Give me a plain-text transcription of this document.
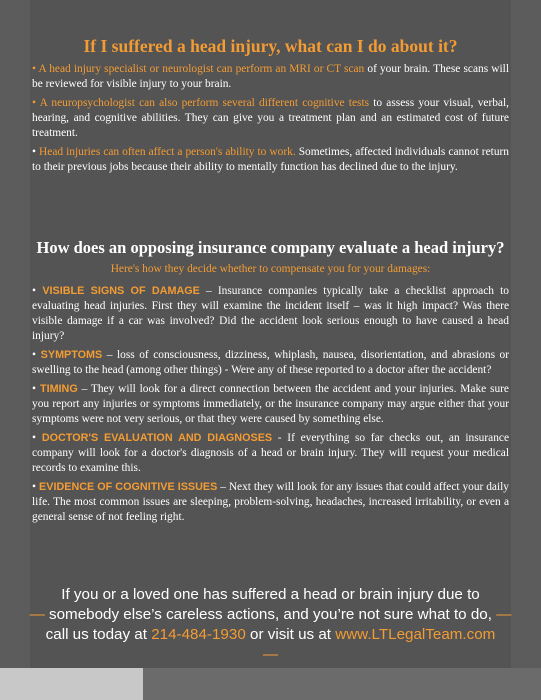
If I suffered a head injury, what can I do about it?

• A head injury specialist or neurologist can perform an MRI or CT scan of your brain. These scans will be reviewed for visible injury to your brain.

• A neuropsychologist can also perform several different cognitive tests to assess your visual, verbal, hearing, and cognitive abilities. They can give you a treatment plan and an estimated cost of future treatment.

• Head injuries can often affect a person's ability to work. Sometimes, affected individuals cannot return to their previous jobs because their ability to mentally function has declined due to the injury.

How does an opposing insurance company evaluate a head injury?
Here's how they decide whether to compensate you for your damages:

• VISIBLE SIGNS OF DAMAGE – Insurance companies typically take a checklist approach to evaluating head injuries. First they will examine the incident itself – was it high impact? Was there visible damage if a car was involved? Did the accident look serious enough to have caused a head injury?

• SYMPTOMS – loss of consciousness, dizziness, whiplash, nausea, disorientation, and abrasions or swelling to the head (among other things) - Were any of these reported to a doctor after the accident?

• TIMING – They will look for a direct connection between the accident and your injuries. Make sure you report any injuries or symptoms immediately, or the insurance company may argue either that your symptoms were not very serious, or that they were caused by something else.

• DOCTOR'S EVALUATION AND DIAGNOSES - If everything so far checks out, an insurance company will look for a doctor's diagnosis of a head or brain injury. They will request your medical records to examine this.

• EVIDENCE OF COGNITIVE ISSUES – Next they will look for any issues that could affect your daily life. The most common issues are sleeping, problem-solving, headaches, increased irritability, or even a general sense of not feeling right.

If you or a loved one has suffered a head or brain injury due to
— somebody else’s careless actions, and you’re not sure what to do, —
call us today at 214-484-1930 or visit us at www.LTLegalTeam.com
—
